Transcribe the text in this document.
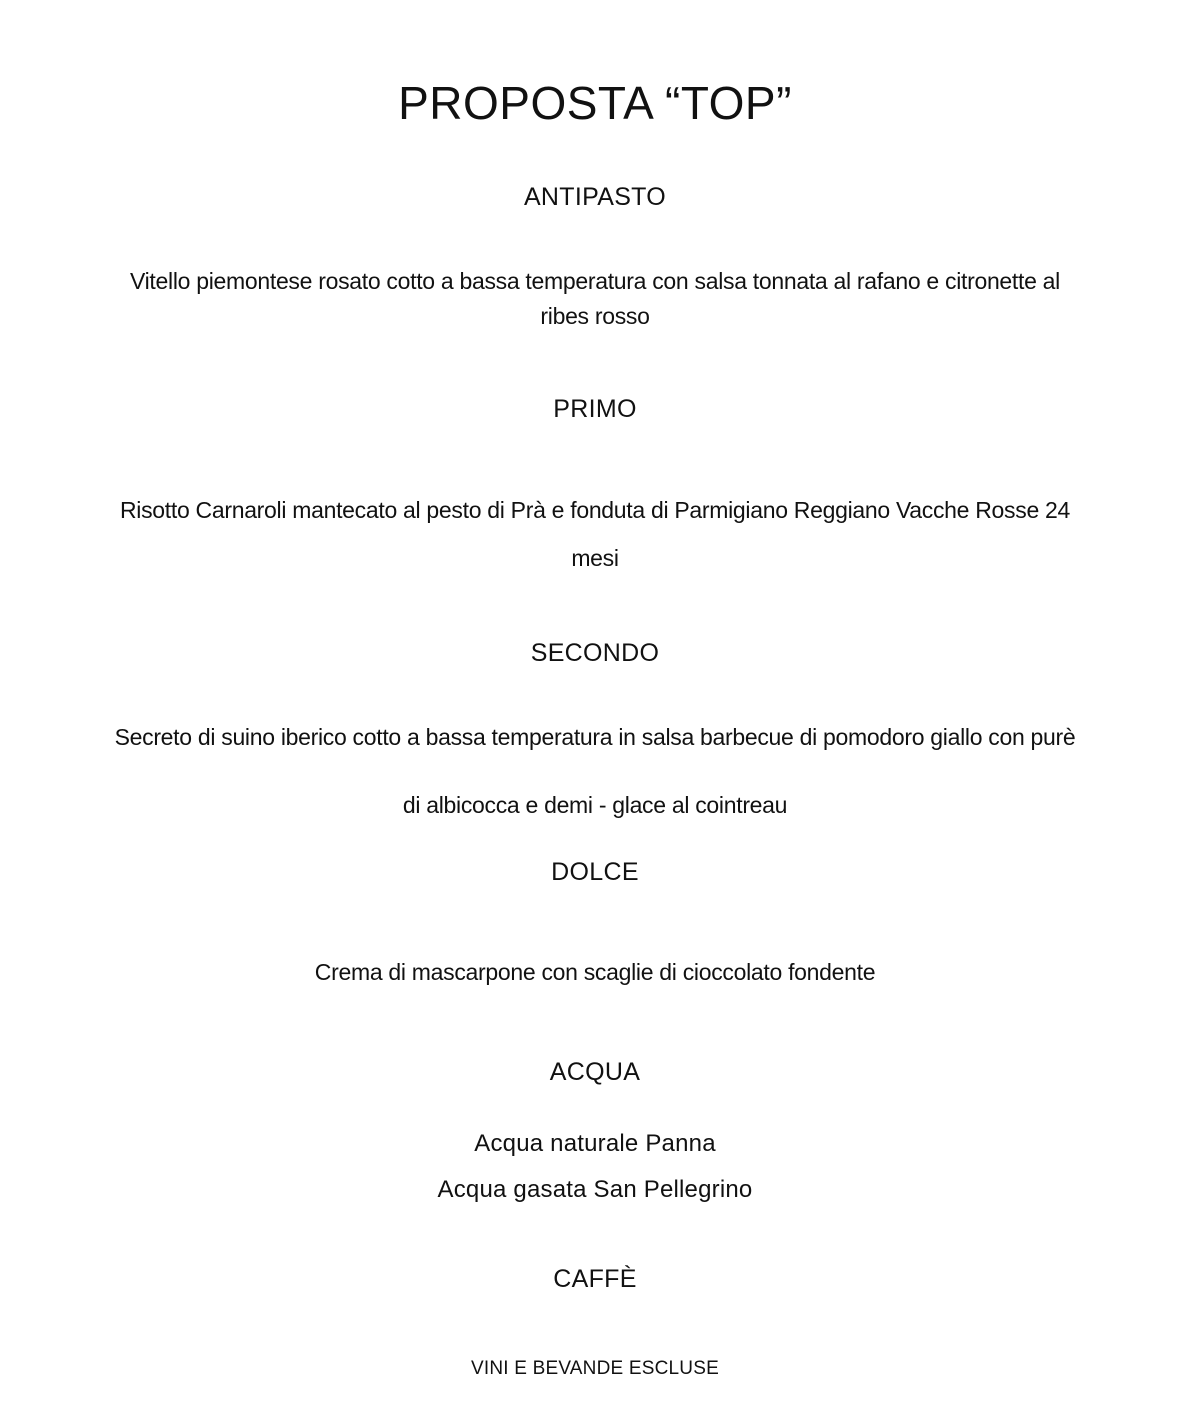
PROPOSTA “TOP”
ANTIPASTO
Vitello piemontese rosato cotto a bassa temperatura con salsa tonnata al rafano e citronette al
ribes rosso
PRIMO
Risotto Carnaroli mantecato al pesto di Prà e fonduta di Parmigiano Reggiano Vacche Rosse 24
mesi
SECONDO
Secreto di suino iberico cotto a bassa temperatura in salsa barbecue di pomodoro giallo con purè
di albicocca e demi - glace al cointreau
DOLCE
Crema di mascarpone con scaglie di cioccolato fondente
ACQUA
Acqua naturale Panna
Acqua gasata San Pellegrino
CAFFÈ
VINI E BEVANDE ESCLUSE
